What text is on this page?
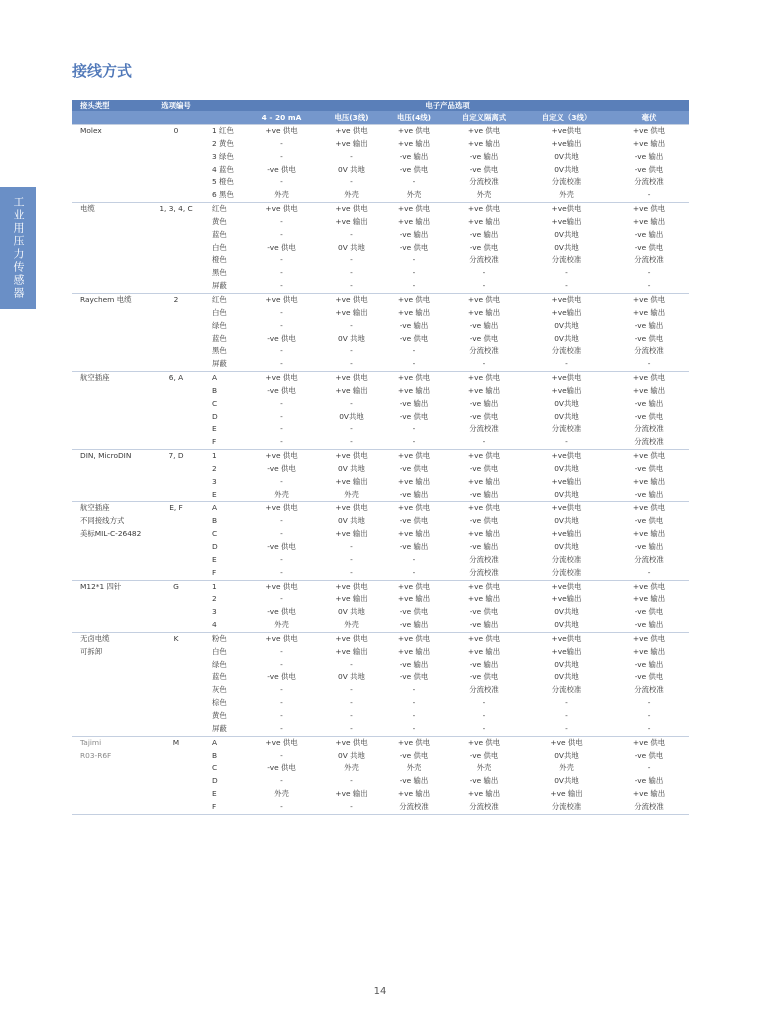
工业用压力传感器
接线方式
接头类型	选项编号	电子产品选项						
			4 - 20 mA	电压(3线)	电压(4线)	自定义隔离式	自定义（3线）	毫伏

Molex	0	1 红色	+ve 供电	+ve 供电	+ve 供电	+ve 供电	+ve供电	+ve 供电
		2 黄色	-	+ve 输出	+ve 输出	+ve 输出	+ve输出	+ve 输出
		3 绿色	-	-	-ve 输出	-ve 输出	0V共地	-ve 输出
		4 蓝色	-ve 供电	0V 共地	-ve 供电	-ve 供电	0V共地	-ve 供电
		5 橙色	-	-	-	分流校准	分流校准	分流校准
		6 黑色	外壳	外壳	外壳	外壳	外壳	-

电缆	1, 3, 4, C	红色	+ve 供电	+ve 供电	+ve 供电	+ve 供电	+ve供电	+ve 供电
		黄色	-	+ve 输出	+ve 输出	+ve 输出	+ve输出	+ve 输出
		蓝色	-	-	-ve 输出	-ve 输出	0V共地	-ve 输出
		白色	-ve 供电	0V 共地	-ve 供电	-ve 供电	0V共地	-ve 供电
		橙色	-	-	-	分流校准	分流校准	分流校准
		黑色	-	-	-	-	-	-
		屏蔽	-	-	-	-	-	-

Raychem 电缆	2	红色	+ve 供电	+ve 供电	+ve 供电	+ve 供电	+ve供电	+ve 供电
		白色	-	+ve 输出	+ve 输出	+ve 输出	+ve输出	+ve 输出
		绿色	-	-	-ve 输出	-ve 输出	0V共地	-ve 输出
		蓝色	-ve 供电	0V 共地	-ve 供电	-ve 供电	0V共地	-ve 供电
		黑色	-	-	-	分流校准	分流校准	分流校准
		屏蔽	-	-	-	-	-	-

航空插座	6, A	A	+ve 供电	+ve 供电	+ve 供电	+ve 供电	+ve供电	+ve 供电
		B	-ve 供电	+ve 输出	+ve 输出	+ve 输出	+ve输出	+ve 输出
		C	-	-	-ve 输出	-ve 输出	0V共地	-ve 输出
		D	-	0V共地	-ve 供电	-ve 供电	0V共地	-ve 供电
		E	-	-	-	分流校准	分流校准	分流校准
		F	-	-	-	-	-	分流校准

DIN, MicroDIN	7, D	1	+ve 供电	+ve 供电	+ve 供电	+ve 供电	+ve供电	+ve 供电
		2	-ve 供电	0V 共地	-ve 供电	-ve 供电	0V共地	-ve 供电
		3	-	+ve 输出	+ve 输出	+ve 输出	+ve输出	+ve 输出
		E	外壳	外壳	-ve 输出	-ve 输出	0V共地	-ve 输出

航空插座
不同接线方式
美标MIL-C-26482	E, F	A	+ve 供电	+ve 供电	+ve 供电	+ve 供电	+ve供电	+ve 供电
		B	-	0V 共地	-ve 供电	-ve 供电	0V共地	-ve 供电
		C	-	+ve 输出	+ve 输出	+ve 输出	+ve输出	+ve 输出
		D	-ve 供电	-	-ve 输出	-ve 输出	0V共地	-ve 输出
		E	-	-	-	分流校准	分流校准	分流校准
		F	-	-	-	分流校准	分流校准	-

M12*1 四针	G	1	+ve 供电	+ve 供电	+ve 供电	+ve 供电	+ve供电	+ve 供电
		2	-	+ve 输出	+ve 输出	+ve 输出	+ve输出	+ve 输出
		3	-ve 供电	0V 共地	-ve 供电	-ve 供电	0V共地	-ve 供电
		4	外壳	外壳	-ve 输出	-ve 输出	0V共地	-ve 输出

无卤电缆
可拆卸	K	粉色	+ve 供电	+ve 供电	+ve 供电	+ve 供电	+ve供电	+ve 供电
		白色	-	+ve 输出	+ve 输出	+ve 输出	+ve输出	+ve 输出
		绿色	-	-	-ve 输出	-ve 输出	0V共地	-ve 输出
		蓝色	-ve 供电	0V 共地	-ve 供电	-ve 供电	0V共地	-ve 供电
		灰色	-	-	-	分流校准	分流校准	分流校准
		棕色	-	-	-	-	-	-
		黄色	-	-	-	-	-	-
		屏蔽	-	-	-	-	-	-

Tajimi
R03-R6F	M	A	+ve 供电	+ve 供电	+ve 供电	+ve 供电	+ve 供电	+ve 供电
		B	-	0V 共地	-ve 供电	-ve 供电	0V共地	-ve 供电
		C	-ve 供电	外壳	外壳	外壳	外壳	-
		D	-	-	-ve 输出	-ve 输出	0V共地	-ve 输出
		E	外壳	+ve 输出	+ve 输出	+ve 输出	+ve 输出	+ve 输出
		F	-	-	分流校准	分流校准	分流校准	分流校准
14
